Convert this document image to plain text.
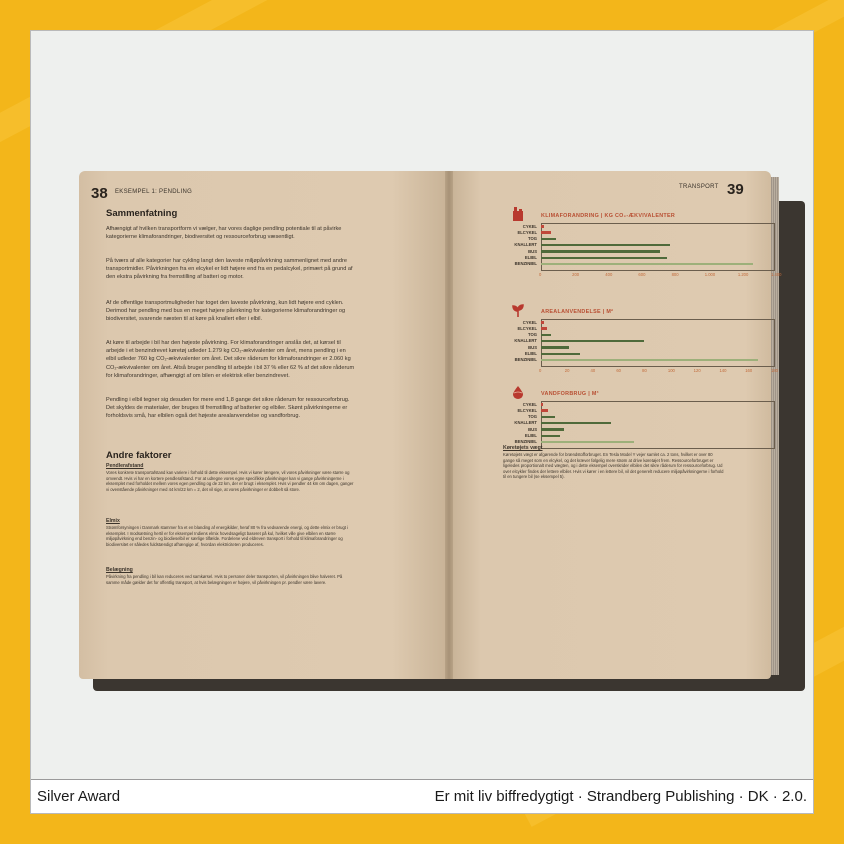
38 EKSEMPEL 1: PENDLING
Sammenfatning
Afhængigt af hvilken transportform vi vælger, har vores daglige pendling potentiale til at påvirke kategorierne klimaforandringer, biodiversitet og ressourceforbrug væsentligt.
På tværs af alle kategorier har cykling langt den laveste miljøpåvirkning sammenlignet med andre transportmidler. Påvirkningen fra en elcykel er lidt højere end fra en pedalcykel, primært på grund af den ekstra påvirkning fra fremstilling af batteri og motor.
Af de offentlige transportmuligheder har toget den laveste påvirkning, kun lidt højere end cyklen. Derimod har pendling med bus en meget højere påvirkning for kategorierne klimaforandringer og biodiversitet, svarende næsten til at køre på knallert eller i elbil.
At køre til arbejde i bil har den højeste påvirkning. For klimaforandringer anslås det, at kørsel til arbejde i et benzindrevet køretøj udleder 1.279 kg CO₂-ækvivalenter om året, mens pendling i en elbil udleder 760 kg CO₂-ækvivalenter om året. Det sikre råderum for klimaforandringer er 2.060 kg CO₂-ækvivalenter om året. Altså bruger pendling til arbejde i bil 37 % eller 62 % af det sikre råderum for klimaforandringer, afhængigt af om bilen er elektrisk eller benzindrevet.
Pendling i elbil tegner sig desuden for mere end 1,8 gange det sikre råderum for ressourceforbrug. Det skyldes de materialer, der bruges til fremstilling af batterier og elbiler. Skønt påvirkningerne er forholdsvis små, har elbilen også det højeste arealanvendelse og vandforbrug.
Andre faktorer
Pendlerafstand
Vores konkrete transportafstand kan variere i forhold til dette eksempel. Hvis vi kører længere, vil vores påvirkninger være større og omvendt. Hvis vi har en kortere pendlerafstand. For at udregne vores egne specifikke påvirkninger kan vi gange påvirkningerne i eksemplet med forholdet mellem vores egen pendling og de 22 km, der er brugt i eksemplet. Hvis vi pendler 44 km om dagen, ganger vi ovenstående påvirkninger med 44 km/22 km = 2, det vil sige, at vores påvirkninger er dobbelt så store.
Elmix
Strømforsyningen i Danmark stammer fra et en blanding af energikilder, heraf 80 % fra vedvarende energi, og dette elmix er brugt i eksemplet. I modsætning hertil er for eksempel Indiens elmix hovedsageligt baseret på kul, hvilket ville give elbilen en større miljøpåvirkning end benzin- og biodieselbil er særlige tilfælde. Fordelene ved eldreven transport i forhold til klimaforandringer og biodiversitet er således fuldstændigt afhængige af, hvordan elektriciteten produceres.
Belægning
Påvirkning fra pendling i bil kan reduceres ved samkørsel. Hvis to personer deler transporten, vil påvirkningen blive halveret. På samme måde gælder det for offentlig transport, at hvis belægningen er højere, vil påvirkningen pr. pendler være lavere.
TRANSPORT 39
KLIMAFORANDRING | KG CO₂-ÆKVIVALENTER
CYKEL
ELCYKEL
TOG
KNALLERT
BUS
ELBIL
BENZINBIL
0	200	400	600	800	1.000	1.200	1.400
AREALANVENDELSE | M²
CYKEL
ELCYKEL
TOG
KNALLERT
BUS
ELBIL
BENZINBIL
0	20	40	60	80	100	120	140	160	180
VANDFORBRUG | M³
CYKEL
ELCYKEL
TOG
KNALLERT
BUS
ELBIL
BENZINBIL
Køretøjets vægt
Køretøjets vægt er afgørende for brændstofforbruget. En Tesla Model Y vejer samlet ca. 2 tons, hvilket er over 80 gange så meget som en elcykel, og det kræver følgelig mere strøm at drive køretøjet frem. Ressourceforbruget er ligeledes proportionalt med vægten, og i dette eksempel overskrider elbilen det sikre råderum for ressourceforbrug. Ud over elcykler findes der lettere elbiler. Hvis vi kører i en lettere bil, vil det generelt reducere miljøpåvirkningerne i forhold til en tungere bil (se eksempel 5).
Silver Award	Er mit liv biffredygtigt · Strandberg Publishing · DK · 2.0.
